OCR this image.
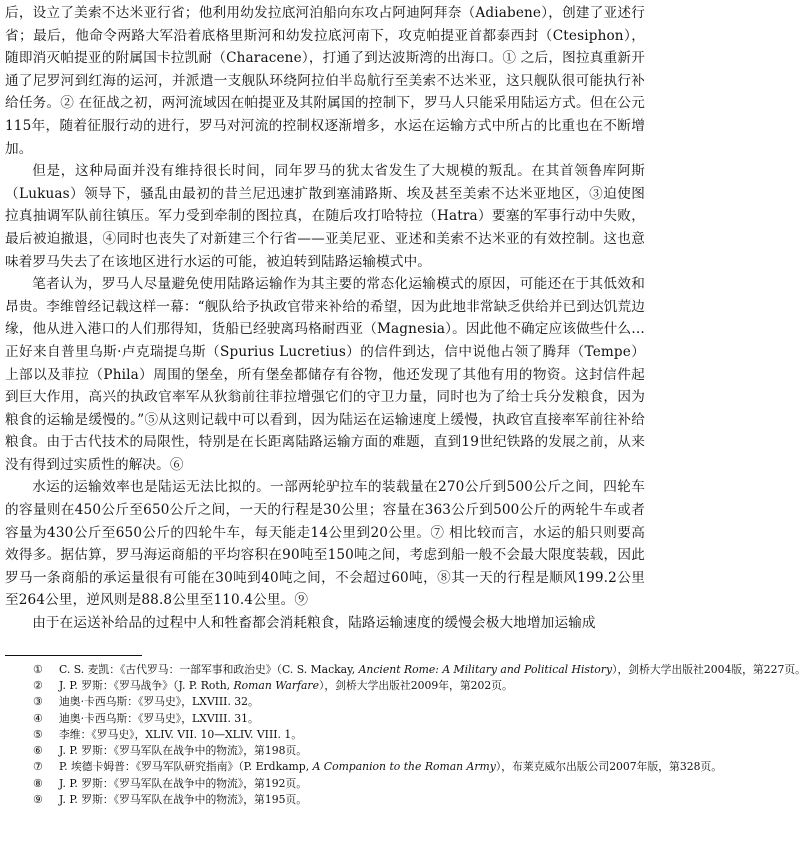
后，设立了美索不达米亚行省；他利用幼发拉底河泊船向东攻占阿迪阿拜奈（Adiabene），创建了亚述行省；最后，他命令两路大军沿着底格里斯河和幼发拉底河南下，攻克帕提亚首都泰西封（Ctesiphon），随即消灭帕提亚的附属国卡拉凯耐（Characene），打通了到达波斯湾的出海口。① 之后，图拉真重新开通了尼罗河到红海的运河，并派遣一支舰队环绕阿拉伯半岛航行至美索不达米亚，这只舰队很可能执行补给任务。② 在征战之初，两河流域因在帕提亚及其附属国的控制下，罗马人只能采用陆运方式。但在公元115年，随着征服行动的进行，罗马对河流的控制权逐渐增多，水运在运输方式中所占的比重也在不断增加。

但是，这种局面并没有维持很长时间，同年罗马的犹太省发生了大规模的叛乱。在其首领鲁库阿斯（Lukuas）领导下，骚乱由最初的昔兰尼迅速扩散到塞浦路斯、埃及甚至美索不达米亚地区，③迫使图拉真抽调军队前往镇压。军力受到牵制的图拉真，在随后攻打哈特拉（Hatra）要塞的军事行动中失败，最后被迫撤退，④同时也丧失了对新建三个行省——亚美尼亚、亚述和美索不达米亚的有效控制。这也意味着罗马失去了在该地区进行水运的可能，被迫转到陆路运输模式中。

笔者认为，罗马人尽量避免使用陆路运输作为其主要的常态化运输模式的原因，可能还在于其低效和昂贵。李维曾经记载这样一幕：“舰队给予执政官带来补给的希望，因为此地非常缺乏供给并已到达饥荒边缘，他从进入港口的人们那得知，货船已经驶离玛格耐西亚（Magnesia）。因此他不确定应该做些什么…正好来自普里乌斯·卢克瑞提乌斯（Spurius Lucretius）的信件到达，信中说他占领了腾拜（Tempe）上部以及菲拉（Phila）周围的堡垒，所有堡垒都储存有谷物，他还发现了其他有用的物资。这封信件起到巨大作用，高兴的执政官率军从狄翁前往菲拉增强它们的守卫力量，同时也为了给士兵分发粮食，因为粮食的运输是缓慢的。”⑤从这则记载中可以看到，因为陆运在运输速度上缓慢，执政官直接率军前往补给粮食。由于古代技术的局限性，特别是在长距离陆路运输方面的难题，直到19世纪铁路的发展之前，从来没有得到过实质性的解决。⑥

水运的运输效率也是陆运无法比拟的。一部两轮驴拉车的装载量在270公斤到500公斤之间，四轮车的容量则在450公斤至650公斤之间，一天的行程是30公里；容量在363公斤到500公斤的两轮牛车或者容量为430公斤至650公斤的四轮牛车，每天能走14公里到20公里。⑦ 相比较而言，水运的船只则要高效得多。据估算，罗马海运商船的平均容积在90吨至150吨之间，考虑到船一般不会最大限度装载，因此罗马一条商船的承运量很有可能在30吨到40吨之间，不会超过60吨，⑧其一天的行程是顺风199.2公里至264公里，逆风则是88.8公里至110.4公里。⑨

由于在运送补给品的过程中人和牲畜都会消耗粮食，陆路运输速度的缓慢会极大地增加运输成

①	C. S. 麦凯：《古代罗马：一部军事和政治史》（C. S. Mackay, Ancient Rome: A Military and Political History），剑桥大学出版社2004版，第227页。
②	J. P. 罗斯：《罗马战争》（J. P. Roth, Roman Warfare），剑桥大学出版社2009年，第202页。
③	迪奥·卡西乌斯：《罗马史》，LXVIII. 32。
④	迪奥·卡西乌斯：《罗马史》，LXVIII. 31。
⑤	李维：《罗马史》，XLIV. VII. 10—XLIV. VIII. 1。
⑥	J. P. 罗斯：《罗马军队在战争中的物流》，第198页。
⑦	P. 埃德卡姆普：《罗马军队研究指南》（P. Erdkamp, A Companion to the Roman Army），布莱克威尔出版公司2007年版，第328页。
⑧	J. P. 罗斯：《罗马军队在战争中的物流》，第192页。
⑨	J. P. 罗斯：《罗马军队在战争中的物流》，第195页。
